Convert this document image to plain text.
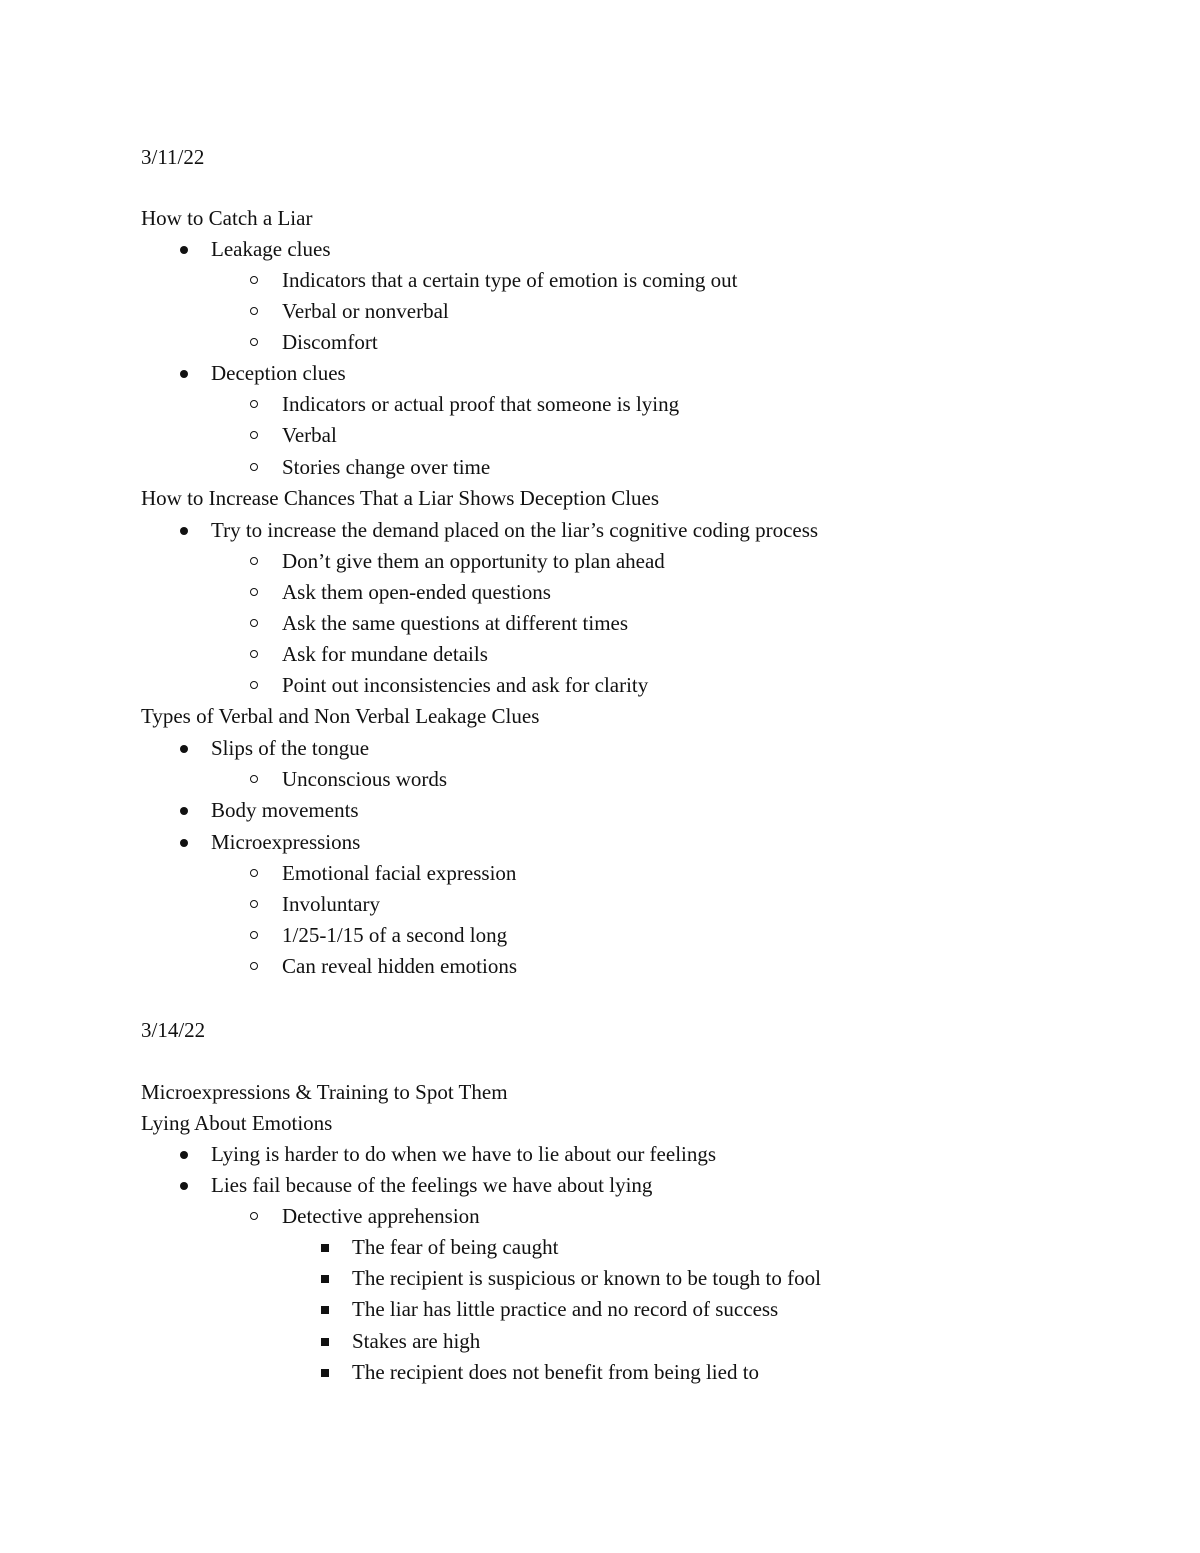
3/11/22
How to Catch a Liar
Leakage clues
Indicators that a certain type of emotion is coming out
Verbal or nonverbal
Discomfort
Deception clues
Indicators or actual proof that someone is lying
Verbal
Stories change over time
How to Increase Chances That a Liar Shows Deception Clues
Try to increase the demand placed on the liar’s cognitive coding process
Don’t give them an opportunity to plan ahead
Ask them open-ended questions
Ask the same questions at different times
Ask for mundane details
Point out inconsistencies and ask for clarity
Types of Verbal and Non Verbal Leakage Clues
Slips of the tongue
Unconscious words
Body movements
Microexpressions
Emotional facial expression
Involuntary
1/25-1/15 of a second long
Can reveal hidden emotions
3/14/22
Microexpressions & Training to Spot Them
Lying About Emotions
Lying is harder to do when we have to lie about our feelings
Lies fail because of the feelings we have about lying
Detective apprehension
The fear of being caught
The recipient is suspicious or known to be tough to fool
The liar has little practice and no record of success
Stakes are high
The recipient does not benefit from being lied to
